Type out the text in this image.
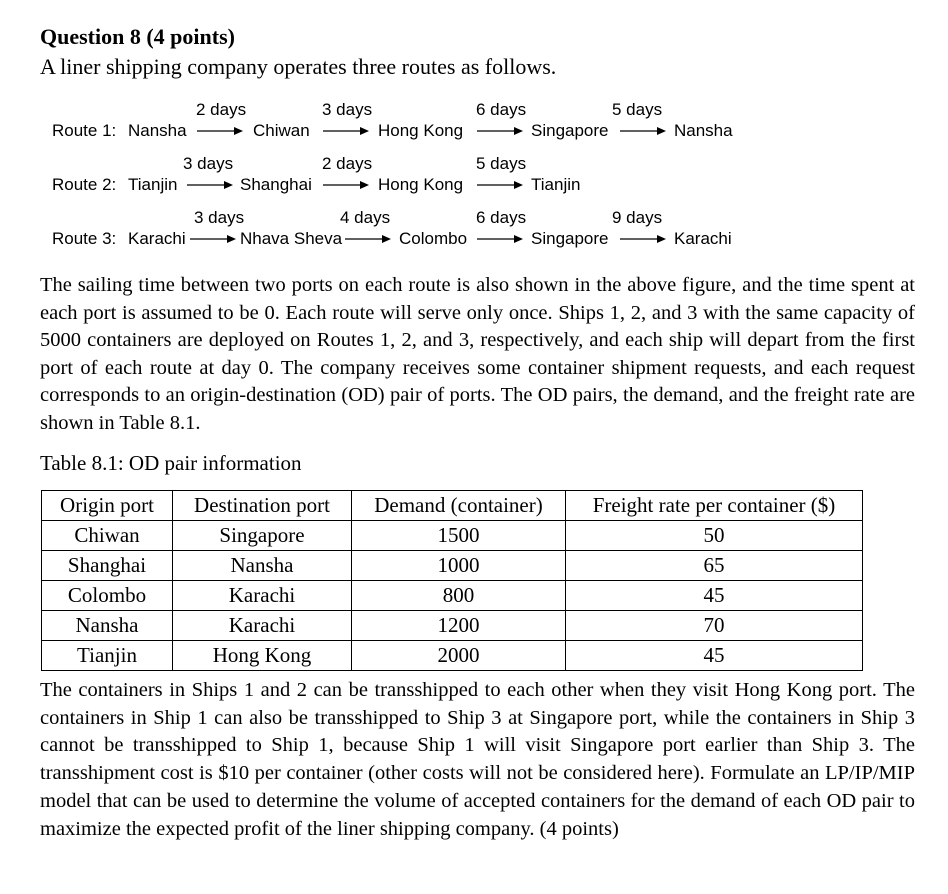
Question 8 (4 points)
A liner shipping company operates three routes as follows.
Route 1: Nansha	Chiwan	Hong Kong	Singapore	Nansha
2 days	3 days	6 days	5 days
Route 2: Tianjin	Shanghai	Hong Kong	Tianjin
3 days	2 days	5 days
Route 3: Karachi	Nhava Sheva	Colombo	Singapore	Karachi
3 days	4 days	6 days	9 days
The sailing time between two ports on each route is also shown in the above figure, and the time spent at each port is assumed to be 0. Each route will serve only once. Ships 1, 2, and 3 with the same capacity of 5000 containers are deployed on Routes 1, 2, and 3, respectively, and each ship will depart from the first port of each route at day 0. The company receives some container shipment requests, and each request corresponds to an origin-destination (OD) pair of ports. The OD pairs, the demand, and the freight rate are shown in Table 8.1.
Table 8.1: OD pair information
Origin port	Destination port	Demand (container)	Freight rate per container ($)
Chiwan	Singapore	1500	50
Shanghai	Nansha	1000	65
Colombo	Karachi	800	45
Nansha	Karachi	1200	70
Tianjin	Hong Kong	2000	45
The containers in Ships 1 and 2 can be transshipped to each other when they visit Hong Kong port. The containers in Ship 1 can also be transshipped to Ship 3 at Singapore port, while the containers in Ship 3 cannot be transshipped to Ship 1, because Ship 1 will visit Singapore port earlier than Ship 3. The transshipment cost is $10 per container (other costs will not be considered here). Formulate an LP/IP/MIP model that can be used to determine the volume of accepted containers for the demand of each OD pair to maximize the expected profit of the liner shipping company. (4 points)
